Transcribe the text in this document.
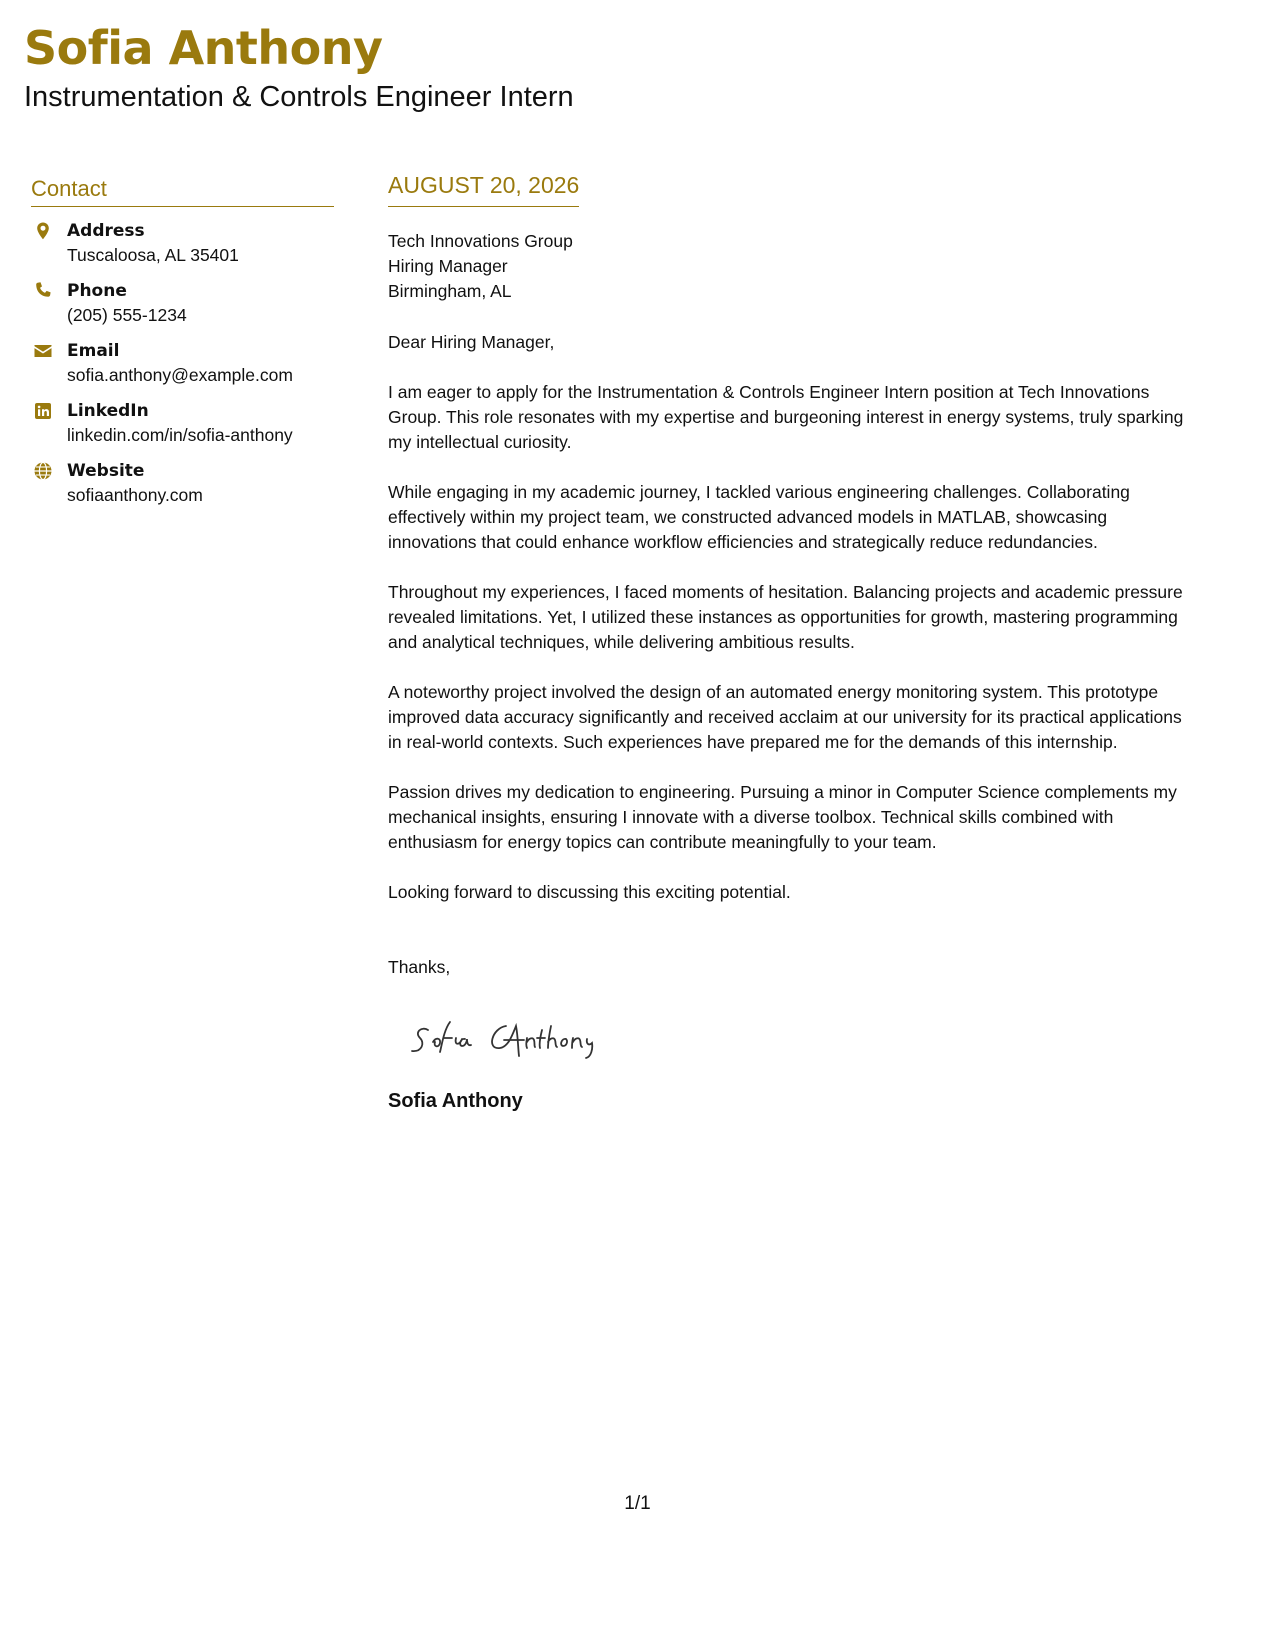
Sofia Anthony
Instrumentation & Controls Engineer Intern
Contact
Address
Tuscaloosa, AL 35401
Phone
(205) 555-1234
Email
sofia.anthony@example.com
LinkedIn
linkedin.com/in/sofia-anthony
Website
sofiaanthony.com
AUGUST 20, 2026
Tech Innovations Group
Hiring Manager
Birmingham, AL
Dear Hiring Manager,
I am eager to apply for the Instrumentation & Controls Engineer Intern position at Tech Innovations Group. This role resonates with my expertise and burgeoning interest in energy systems, truly sparking my intellectual curiosity.
While engaging in my academic journey, I tackled various engineering challenges. Collaborating effectively within my project team, we constructed advanced models in MATLAB, showcasing innovations that could enhance workflow efficiencies and strategically reduce redundancies.
Throughout my experiences, I faced moments of hesitation. Balancing projects and academic pressure revealed limitations. Yet, I utilized these instances as opportunities for growth, mastering programming and analytical techniques, while delivering ambitious results.
A noteworthy project involved the design of an automated energy monitoring system. This prototype improved data accuracy significantly and received acclaim at our university for its practical applications in real-world contexts. Such experiences have prepared me for the demands of this internship.
Passion drives my dedication to engineering. Pursuing a minor in Computer Science complements my mechanical insights, ensuring I innovate with a diverse toolbox. Technical skills combined with enthusiasm for energy topics can contribute meaningfully to your team.
Looking forward to discussing this exciting potential.
Thanks,
Sofia Anthony
1/1
